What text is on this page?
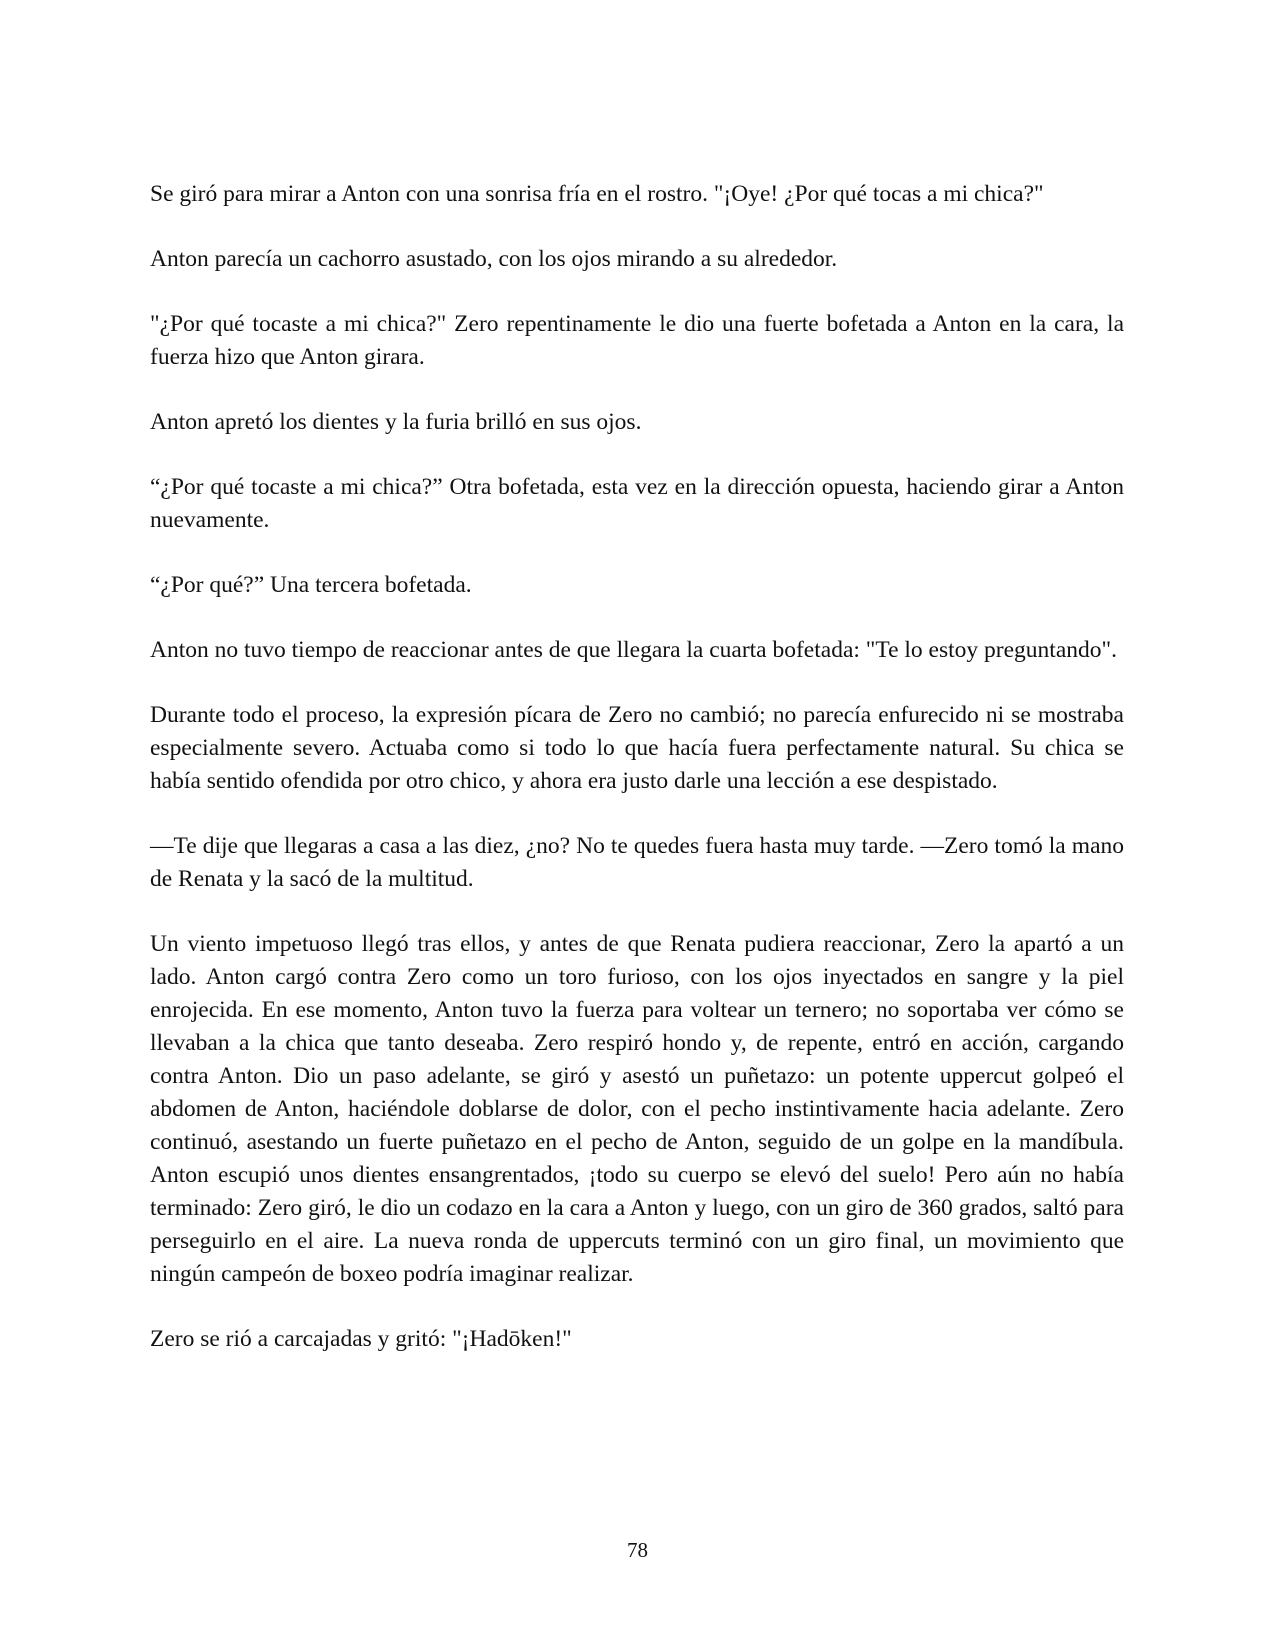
Se giró para mirar a Anton con una sonrisa fría en el rostro. "¡Oye! ¿Por qué tocas a mi chica?"

Anton parecía un cachorro asustado, con los ojos mirando a su alrededor.

"¿Por qué tocaste a mi chica?" Zero repentinamente le dio una fuerte bofetada a Anton en la cara, la fuerza hizo que Anton girara.

Anton apretó los dientes y la furia brilló en sus ojos.

“¿Por qué tocaste a mi chica?” Otra bofetada, esta vez en la dirección opuesta, haciendo girar a Anton nuevamente.

“¿Por qué?” Una tercera bofetada.

Anton no tuvo tiempo de reaccionar antes de que llegara la cuarta bofetada: "Te lo estoy preguntando".

Durante todo el proceso, la expresión pícara de Zero no cambió; no parecía enfurecido ni se mostraba especialmente severo. Actuaba como si todo lo que hacía fuera perfectamente natural. Su chica se había sentido ofendida por otro chico, y ahora era justo darle una lección a ese despistado.

—Te dije que llegaras a casa a las diez, ¿no? No te quedes fuera hasta muy tarde. —Zero tomó la mano de Renata y la sacó de la multitud.

Un viento impetuoso llegó tras ellos, y antes de que Renata pudiera reaccionar, Zero la apartó a un lado. Anton cargó contra Zero como un toro furioso, con los ojos inyectados en sangre y la piel enrojecida. En ese momento, Anton tuvo la fuerza para voltear un ternero; no soportaba ver cómo se llevaban a la chica que tanto deseaba. Zero respiró hondo y, de repente, entró en acción, cargando contra Anton. Dio un paso adelante, se giró y asestó un puñetazo: un potente uppercut golpeó el abdomen de Anton, haciéndole doblarse de dolor, con el pecho instintivamente hacia adelante. Zero continuó, asestando un fuerte puñetazo en el pecho de Anton, seguido de un golpe en la mandíbula. Anton escupió unos dientes ensangrentados, ¡todo su cuerpo se elevó del suelo! Pero aún no había terminado: Zero giró, le dio un codazo en la cara a Anton y luego, con un giro de 360 grados, saltó para perseguirlo en el aire. La nueva ronda de uppercuts terminó con un giro final, un movimiento que ningún campeón de boxeo podría imaginar realizar.

Zero se rió a carcajadas y gritó: "¡Hadōken!"

78
